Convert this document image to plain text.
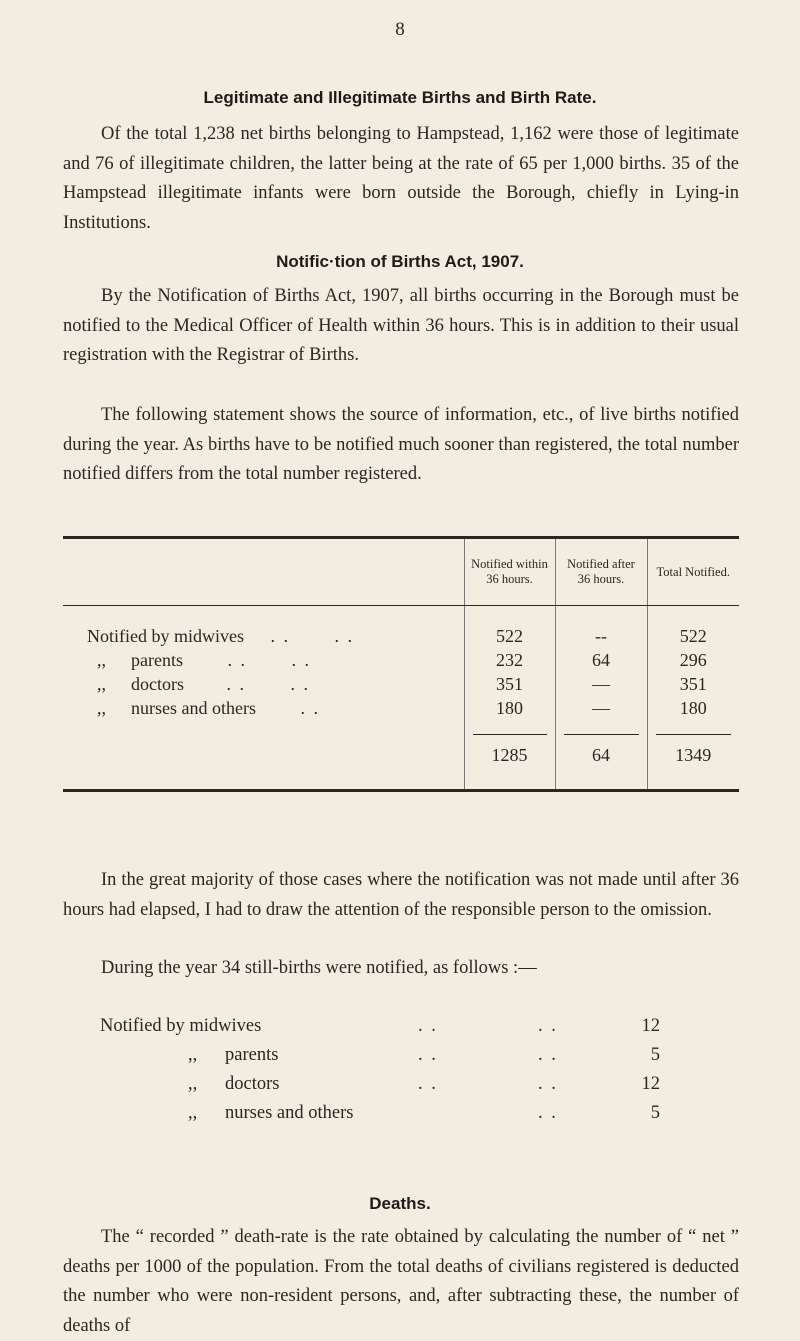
8
Legitimate and Illegitimate Births and Birth Rate.

Of the total 1,238 net births belonging to Hampstead, 1,162 were those of legitimate and 76 of illegitimate children, the latter being at the rate of 65 per 1,000 births. 35 of the Hampstead illegitimate infants were born outside the Borough, chiefly in Lying-in Institutions.

Notific·tion of Births Act, 1907.

By the Notification of Births Act, 1907, all births occurring in the Borough must be notified to the Medical Officer of Health within 36 hours. This is in addition to their usual registration with the Registrar of Births.

The following statement shows the source of information, etc., of live births notified during the year. As births have to be notified much sooner than registered, the total number notified differs from the total number registered.

	Notified within 36 hours.	Notified after 36 hours.	Total Notified.
Notified by midwives . . . .	522	--	522
,, parents . . . .	232	64	296
,, doctors . . . .	351	—	351
,, nurses and others . .	180	—	180

	1285	64	1349

In the great majority of those cases where the notification was not made until after 36 hours had elapsed, I had to draw the attention of the responsible person to the omission.

During the year 34 still-births were notified, as follows :—

Notified by midwives	. .	. .	12
,,      parents	. .	. .	5
,,      doctors	. .	. .	12
,,      nurses and others	. .	5
Deaths.

The “ recorded ” death-rate is the rate obtained by calculating the number of “ net ” deaths per 1000 of the population. From the total deaths of civilians registered is deducted the number who were non-resident persons, and, after subtracting these, the number of deaths of
